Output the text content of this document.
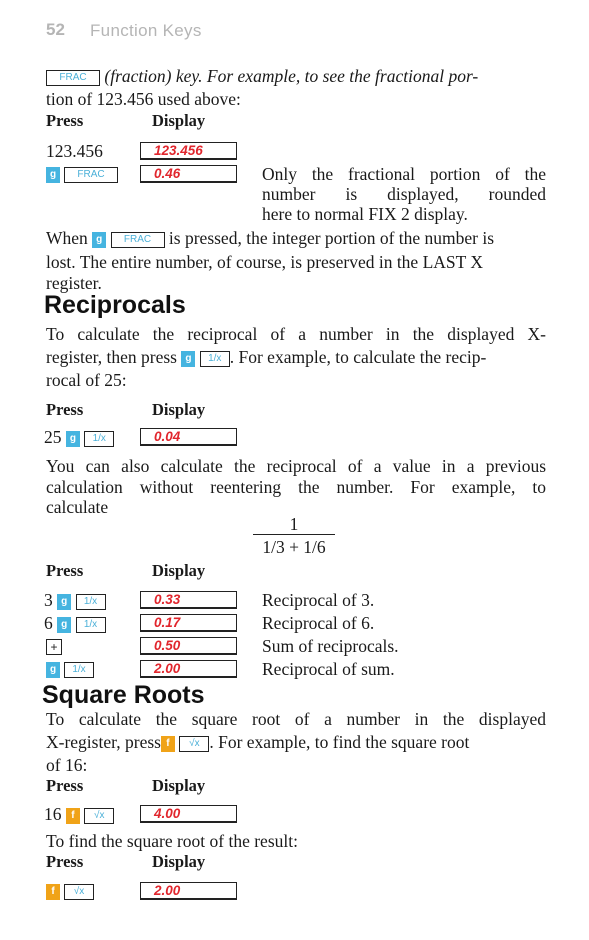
52 Function Keys
FRAC (fraction) key. For example, to see the fractional por-
tion of 123.456 used above:
Press	Display
123.456	123.456
g FRAC	0.46	Only the fractional portion of the
number is displayed, rounded
here to normal FIX 2 display.
When g FRAC is pressed, the integer portion of the number is
lost. The entire number, of course, is preserved in the LAST X
register.
Reciprocals
To calculate the reciprocal of a number in the displayed X-
register, then press g 1/x . For example, to calculate the recip-
rocal of 25:
Press	Display
25 g 1/x	0.04
You can also calculate the reciprocal of a value in a previous
calculation without reentering the number. For example, to
calculate
$\frac{1}{1/3 + 1/6}$
Press	Display
3 g 1/x	0.33	Reciprocal of 3.
6 g 1/x	0.17	Reciprocal of 6.
+	0.50	Sum of reciprocals.
g 1/x	2.00	Reciprocal of sum.
Square Roots
To calculate the square root of a number in the displayed
X-register, press f √x . For example, to find the square root
of 16:
Press	Display
16 f √x	4.00
To find the square root of the result:
Press	Display
f √x	2.00
